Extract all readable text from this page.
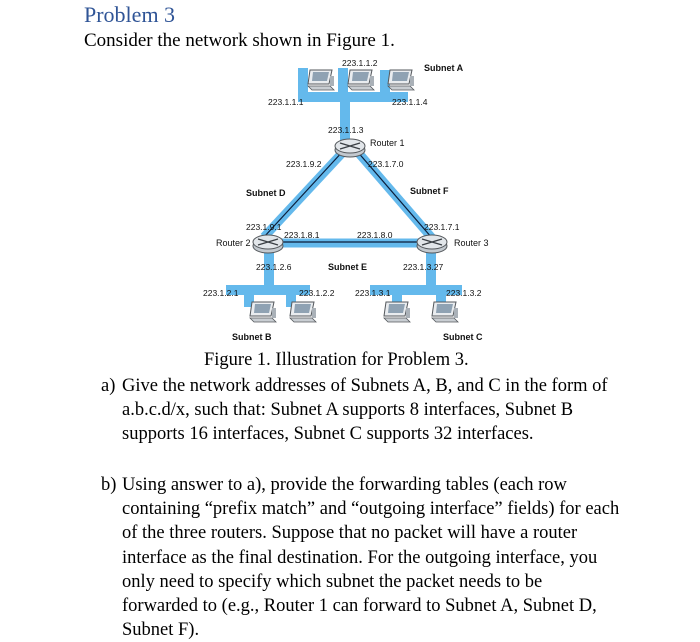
Problem 3
Consider the network shown in Figure 1.
223.1.1.2
223.1.1.1	223.1.1.4
223.1.1.3
223.1.9.2	223.1.7.0
223.1.9.1
223.1.8.1	223.1.8.0
223.1.7.1
223.1.2.6	223.1.3.27
223.1.2.1	223.1.2.2 223.1.3.1	223.1.3.2
Subnet A
Subnet D	Subnet F
Subnet E
Subnet B	Subnet C
Router 1
Router 2	Router 3
Figure 1. Illustration for Problem 3.
a) Give the network addresses of Subnets A, B, and C in the form of a.b.c.d/x, such that: Subnet A supports 8 interfaces, Subnet B supports 16 interfaces, Subnet C supports 32 interfaces.
b) Using answer to a), provide the forwarding tables (each row containing “prefix match” and “outgoing interface” fields) for each of the three routers. Suppose that no packet will have a router interface as the final destination. For the outgoing interface, you only need to specify which subnet the packet needs to be forwarded to (e.g., Router 1 can forward to Subnet A, Subnet D, Subnet F).
